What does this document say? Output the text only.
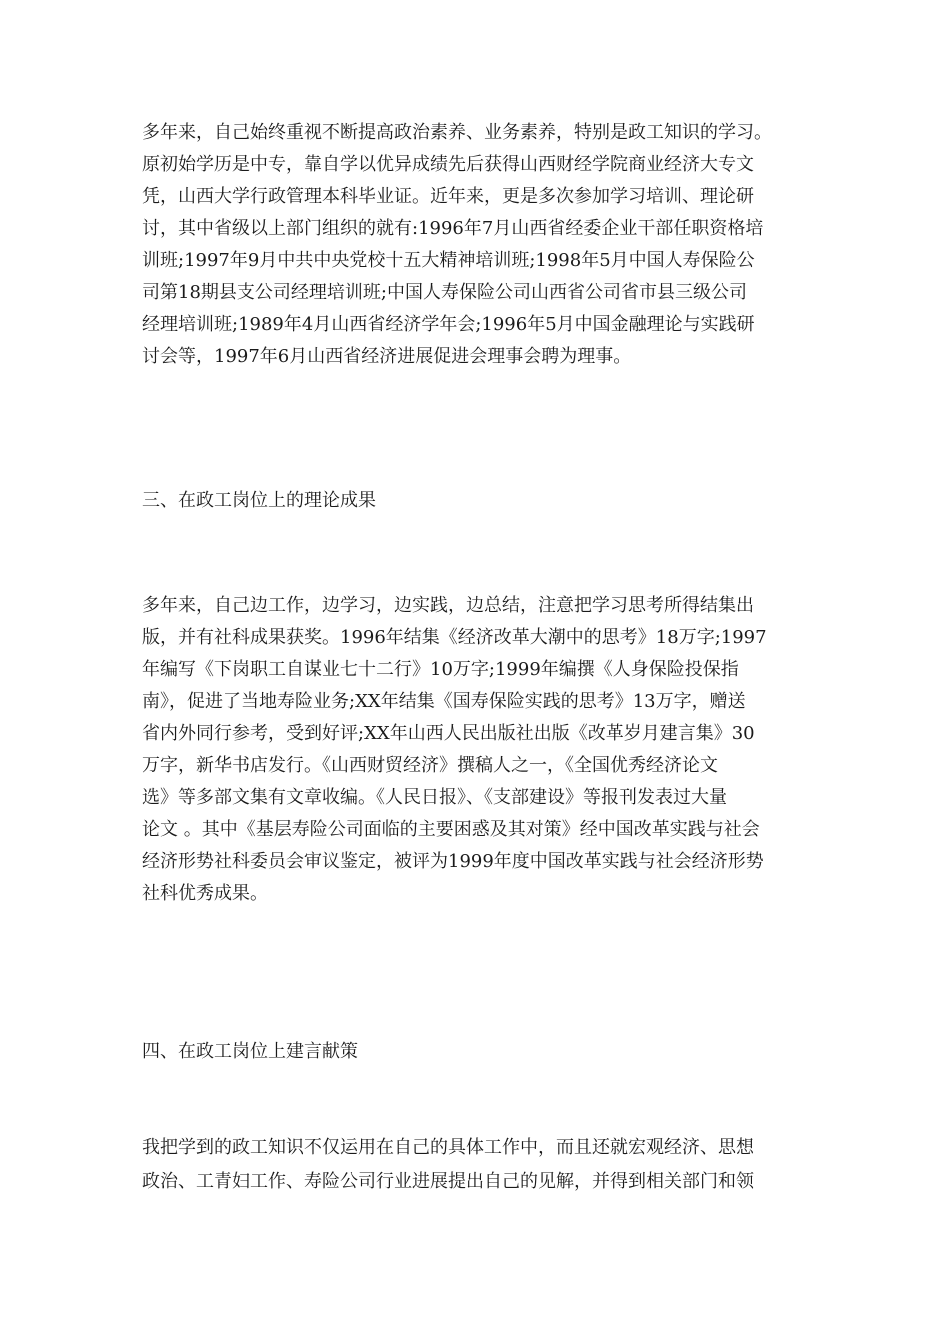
多年来，自己始终重视不断提高政治素养、业务素养，特别是政工知识的学习。
原初始学历是中专，靠自学以优异成绩先后获得山西财经学院商业经济大专文
凭，山西大学行政管理本科毕业证。近年来，更是多次参加学习培训、理论研
讨，其中省级以上部门组织的就有:1996年7月山西省经委企业干部任职资格培
训班;1997年9月中共中央党校十五大精神培训班;1998年5月中国人寿保险公
司第18期县支公司经理培训班;中国人寿保险公司山西省公司省市县三级公司
经理培训班;1989年4月山西省经济学年会;1996年5月中国金融理论与实践研
讨会等，1997年6月山西省经济进展促进会理事会聘为理事。
三、在政工岗位上的理论成果
多年来，自己边工作，边学习，边实践，边总结，注意把学习思考所得结集出
版，并有社科成果获奖。1996年结集《经济改革大潮中的思考》18万字;1997
年编写《下岗职工自谋业七十二行》10万字;1999年编撰《人身保险投保指
南》，促进了当地寿险业务;XX年结集《国寿保险实践的思考》13万字，赠送
省内外同行参考，受到好评;XX年山西人民出版社出版《改革岁月建言集》30
万字，新华书店发行。《山西财贸经济》撰稿人之一，《全国优秀经济论文
选》等多部文集有文章收编。《人民日报》、《支部建设》等报刊发表过大量
论文 。其中《基层寿险公司面临的主要困惑及其对策》经中国改革实践与社会
经济形势社科委员会审议鉴定，被评为1999年度中国改革实践与社会经济形势
社科优秀成果。
四、在政工岗位上建言献策
我把学到的政工知识不仅运用在自己的具体工作中，而且还就宏观经济、思想
政治、工青妇工作、寿险公司行业进展提出自己的见解，并得到相关部门和领
